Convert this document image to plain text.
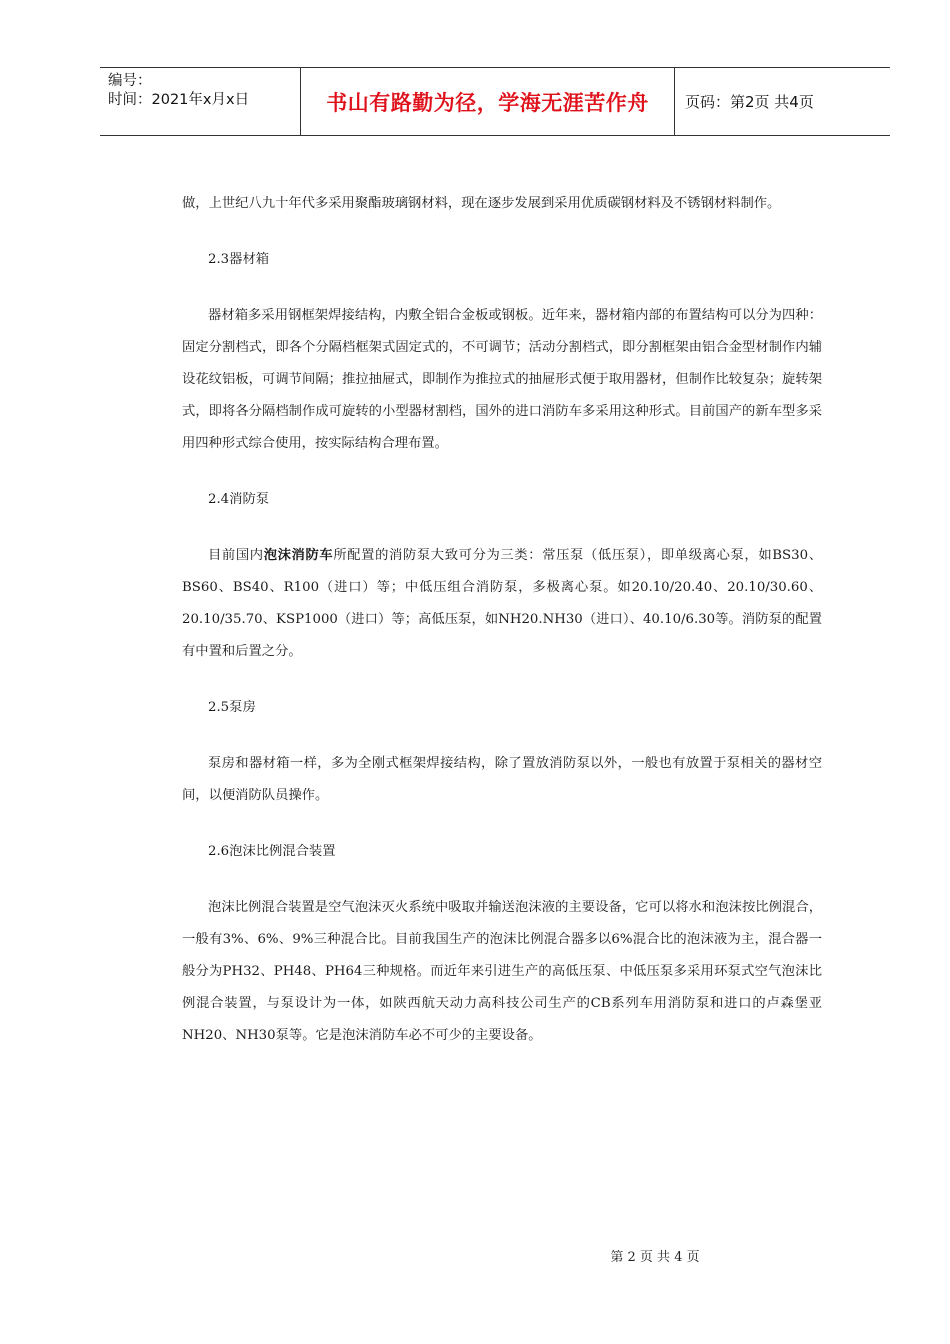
编号：
时间：2021年x月x日	书山有路勤为径，学海无涯苦作舟	页码：第2页 共4页

做，上世纪八九十年代多采用聚酯玻璃钢材料，现在逐步发展到采用优质碳钢材料及不锈钢材料制作。

2.3器材箱

器材箱多采用钢框架焊接结构，内敷全铝合金板或钢板。近年来，器材箱内部的布置结构可以分为四种：固定分割档式，即各个分隔档框架式固定式的，不可调节；活动分割档式，即分割框架由铝合金型材制作内辅设花纹铝板，可调节间隔；推拉抽屉式，即制作为推拉式的抽屉形式便于取用器材，但制作比较复杂；旋转架式，即将各分隔档制作成可旋转的小型器材割档，国外的进口消防车多采用这种形式。目前国产的新车型多采用四种形式综合使用，按实际结构合理布置。

2.4消防泵

目前国内泡沫消防车所配置的消防泵大致可分为三类：常压泵（低压泵），即单级离心泵，如BS30、BS60、BS40、R100（进口）等；中低压组合消防泵，多极离心泵。如20.10/20.40、20.10/30.60、20.10/35.70、KSP1000（进口）等；高低压泵，如NH20.NH30（进口）、40.10/6.30等。消防泵的配置有中置和后置之分。

2.5泵房

泵房和器材箱一样，多为全刚式框架焊接结构，除了置放消防泵以外，一般也有放置于泵相关的器材空间，以便消防队员操作。

2.6泡沫比例混合装置

泡沫比例混合装置是空气泡沫灭火系统中吸取并输送泡沫液的主要设备，它可以将水和泡沫按比例混合，一般有3%、6%、9%三种混合比。目前我国生产的泡沫比例混合器多以6%混合比的泡沫液为主，混合器一般分为PH32、PH48、PH64三种规格。而近年来引进生产的高低压泵、中低压泵多采用环泵式空气泡沫比例混合装置，与泵设计为一体，如陕西航天动力高科技公司生产的CB系列车用消防泵和进口的卢森堡亚NH20、NH30泵等。它是泡沫消防车必不可少的主要设备。

第 2 页 共 4 页
